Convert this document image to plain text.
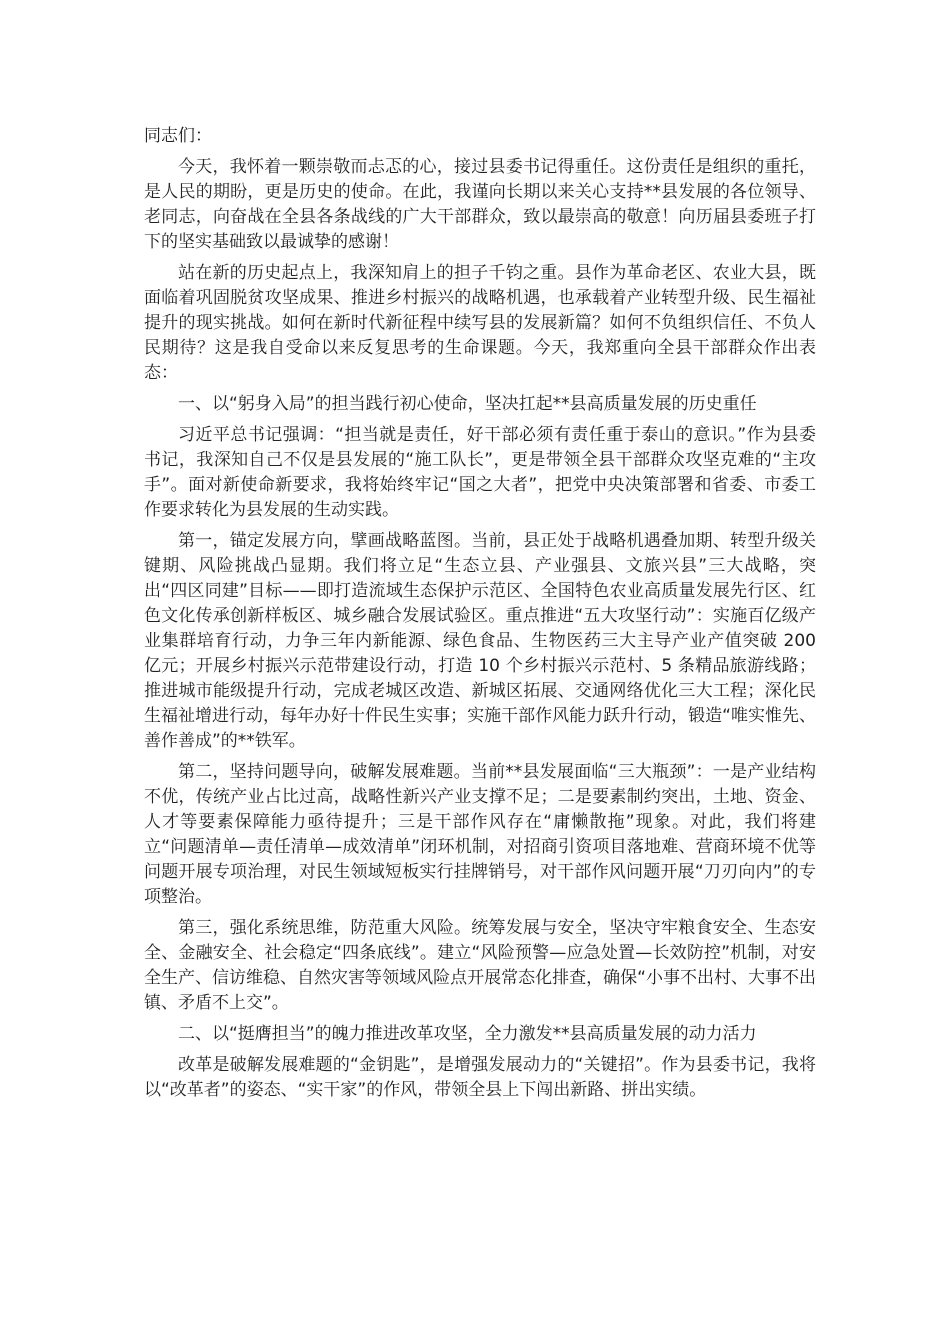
同志们：

今天，我怀着一颗崇敬而忐忑的心，接过县委书记得重任。这份责任是组织的重托，是人民的期盼，更是历史的使命。在此，我谨向长期以来关心支持**县发展的各位领导、老同志，向奋战在全县各条战线的广大干部群众，致以最崇高的敬意！向历届县委班子打下的坚实基础致以最诚挚的感谢！

站在新的历史起点上，我深知肩上的担子千钧之重。县作为革命老区、农业大县，既面临着巩固脱贫攻坚成果、推进乡村振兴的战略机遇，也承载着产业转型升级、民生福祉提升的现实挑战。如何在新时代新征程中续写县的发展新篇？如何不负组织信任、不负人民期待？这是我自受命以来反复思考的生命课题。今天，我郑重向全县干部群众作出表态：

一、以“躬身入局”的担当践行初心使命，坚决扛起**县高质量发展的历史重任

习近平总书记强调：“担当就是责任，好干部必须有责任重于泰山的意识。”作为县委书记，我深知自己不仅是县发展的“施工队长”，更是带领全县干部群众攻坚克难的“主攻手”。面对新使命新要求，我将始终牢记“国之大者”，把党中央决策部署和省委、市委工作要求转化为县发展的生动实践。

第一，锚定发展方向，擘画战略蓝图。当前，县正处于战略机遇叠加期、转型升级关键期、风险挑战凸显期。我们将立足“生态立县、产业强县、文旅兴县”三大战略，突出“四区同建”目标——即打造流域生态保护示范区、全国特色农业高质量发展先行区、红色文化传承创新样板区、城乡融合发展试验区。重点推进“五大攻坚行动”：实施百亿级产业集群培育行动，力争三年内新能源、绿色食品、生物医药三大主导产业产值突破 200 亿元；开展乡村振兴示范带建设行动，打造 10 个乡村振兴示范村、5 条精品旅游线路；推进城市能级提升行动，完成老城区改造、新城区拓展、交通网络优化三大工程；深化民生福祉增进行动，每年办好十件民生实事；实施干部作风能力跃升行动，锻造“唯实惟先、善作善成”的**铁军。

第二，坚持问题导向，破解发展难题。当前**县发展面临“三大瓶颈”：一是产业结构不优，传统产业占比过高，战略性新兴产业支撑不足；二是要素制约突出，土地、资金、人才等要素保障能力亟待提升；三是干部作风存在“庸懒散拖”现象。对此，我们将建立“问题清单—责任清单—成效清单”闭环机制，对招商引资项目落地难、营商环境不优等问题开展专项治理，对民生领域短板实行挂牌销号，对干部作风问题开展“刀刃向内”的专项整治。

第三，强化系统思维，防范重大风险。统筹发展与安全，坚决守牢粮食安全、生态安全、金融安全、社会稳定“四条底线”。建立“风险预警—应急处置—长效防控”机制，对安全生产、信访维稳、自然灾害等领域风险点开展常态化排查，确保“小事不出村、大事不出镇、矛盾不上交”。

二、以“挺膺担当”的魄力推进改革攻坚，全力激发**县高质量发展的动力活力

改革是破解发展难题的“金钥匙”，是增强发展动力的“关键招”。作为县委书记，我将以“改革者”的姿态、“实干家”的作风，带领全县上下闯出新路、拼出实绩。
